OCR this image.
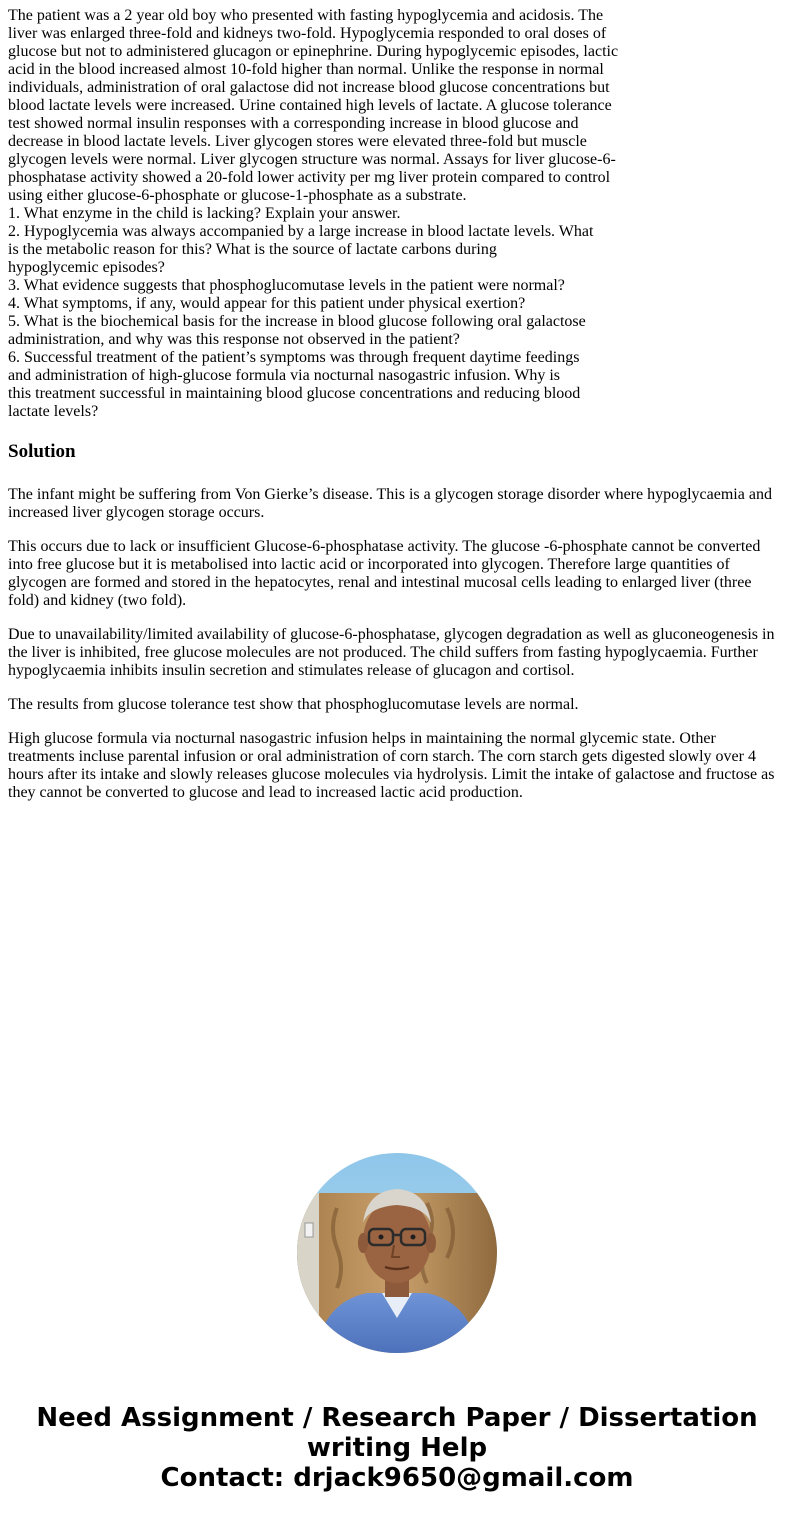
The patient was a 2 year old boy who presented with fasting hypoglycemia and acidosis. The
liver was enlarged three-fold and kidneys two-fold. Hypoglycemia responded to oral doses of
glucose but not to administered glucagon or epinephrine. During hypoglycemic episodes, lactic
acid in the blood increased almost 10-fold higher than normal. Unlike the response in normal
individuals, administration of oral galactose did not increase blood glucose concentrations but
blood lactate levels were increased. Urine contained high levels of lactate. A glucose tolerance
test showed normal insulin responses with a corresponding increase in blood glucose and
decrease in blood lactate levels. Liver glycogen stores were elevated three-fold but muscle
glycogen levels were normal. Liver glycogen structure was normal. Assays for liver glucose-6-
phosphatase activity showed a 20-fold lower activity per mg liver protein compared to control
using either glucose-6-phosphate or glucose-1-phosphate as a substrate.
1. What enzyme in the child is lacking? Explain your answer.
2. Hypoglycemia was always accompanied by a large increase in blood lactate levels. What
is the metabolic reason for this? What is the source of lactate carbons during
hypoglycemic episodes?
3. What evidence suggests that phosphoglucomutase levels in the patient were normal?
4. What symptoms, if any, would appear for this patient under physical exertion?
5. What is the biochemical basis for the increase in blood glucose following oral galactose
administration, and why was this response not observed in the patient?
6. Successful treatment of the patient’s symptoms was through frequent daytime feedings
and administration of high-glucose formula via nocturnal nasogastric infusion. Why is
this treatment successful in maintaining blood glucose concentrations and reducing blood
lactate levels?
Solution

The infant might be suffering from Von Gierke’s disease. This is a glycogen storage disorder where hypoglycaemia and increased liver glycogen storage occurs.

This occurs due to lack or insufficient Glucose-6-phosphatase activity. The glucose -6-phosphate cannot be converted into free glucose but it is metabolised into lactic acid or incorporated into glycogen. Therefore large quantities of glycogen are formed and stored in the hepatocytes, renal and intestinal mucosal cells leading to enlarged liver (three fold) and kidney (two fold).

Due to unavailability/limited availability of glucose-6-phosphatase, glycogen degradation as well as gluconeogenesis in the liver is inhibited, free glucose molecules are not produced. The child suffers from fasting hypoglycaemia. Further hypoglycaemia inhibits insulin secretion and stimulates release of glucagon and cortisol.

The results from glucose tolerance test show that phosphoglucomutase levels are normal.

High glucose formula via nocturnal nasogastric infusion helps in maintaining the normal glycemic state. Other treatments incluse parental infusion or oral administration of corn starch. The corn starch gets digested slowly over 4 hours after its intake and slowly releases glucose molecules via hydrolysis. Limit the intake of galactose and fructose as they cannot be converted to glucose and lead to increased lactic acid production.

Need Assignment / Research Paper / Dissertation
writing Help
Contact: drjack9650@gmail.com
